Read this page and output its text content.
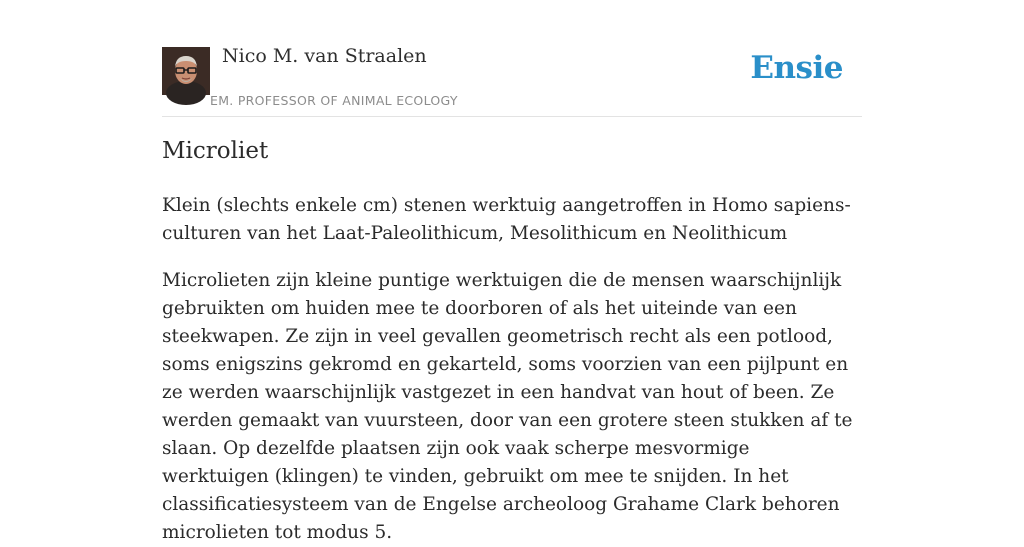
Nico M. van Straalen
EM. PROFESSOR OF ANIMAL ECOLOGY
Ensie
Microliet

Klein (slechts enkele cm) stenen werktuig aangetroffen in Homo sapiens-culturen van het Laat-Paleolithicum, Mesolithicum en Neolithicum

Microlieten zijn kleine puntige werktuigen die de mensen waarschijnlijk gebruikten om huiden mee te doorboren of als het uiteinde van een steekwapen. Ze zijn in veel gevallen geometrisch recht als een potlood, soms enigszins gekromd en gekarteld, soms voorzien van een pijlpunt en ze werden waarschijnlijk vastgezet in een handvat van hout of been. Ze werden gemaakt van vuursteen, door van een grotere steen stukken af te slaan. Op dezelfde plaatsen zijn ook vaak scherpe mesvormige werktuigen (klingen) te vinden, gebruikt om mee te snijden. In het classificatiesysteem van de Engelse archeoloog Grahame Clark behoren microlieten tot modus 5.
